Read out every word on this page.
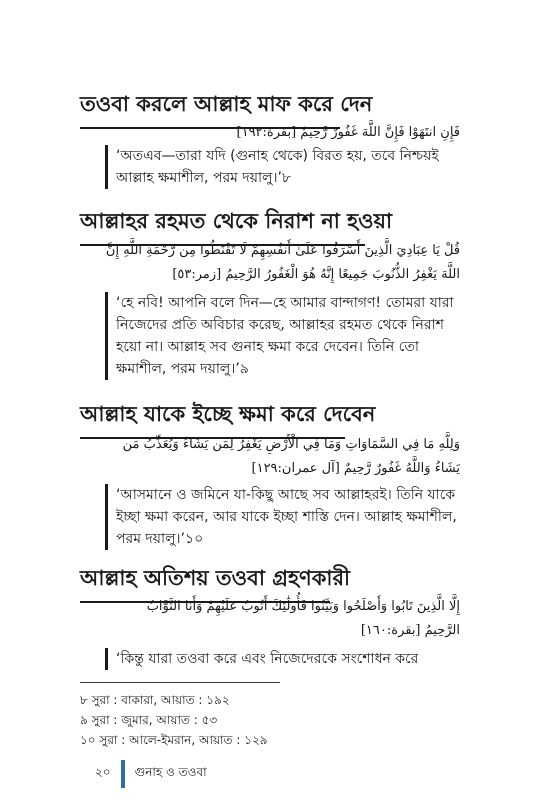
তওবা করলে আল্লাহ মাফ করে দেন
فَإِنِ انتَهَوْا فَإِنَّ اللَّهَ غَفُورٌ رَّحِيمٌ [بقرة:١٩٢]

‘অতএব—তারা যদি (গুনাহ থেকে) বিরত হয়, তবে নিশ্চয়ই আল্লাহ ক্ষমাশীল, পরম দয়ালু।’৮

আল্লাহর রহমত থেকে নিরাশ না হওয়া
قُلْ يَا عِبَادِيَ الَّذِينَ أَسْرَفُوا عَلَىٰ أَنفُسِهِمْ لَا تَقْنَطُوا مِن رَّحْمَةِ اللَّهِ إِنَّ
اللَّهَ يَغْفِرُ الذُّنُوبَ جَمِيعًا إِنَّهُ هُوَ الْغَفُورُ الرَّحِيمُ [زمر:٥٣]

‘হে নবি! আপনি বলে দিন—হে আমার বান্দাগণ! তোমরা যারা নিজেদের প্রতি অবিচার করেছ, আল্লাহর রহমত থেকে নিরাশ হয়ো না। আল্লাহ সব গুনাহ ক্ষমা করে দেবেন। তিনি তো ক্ষমাশীল, পরম দয়ালু।’৯

আল্লাহ যাকে ইচ্ছে ক্ষমা করে দেবেন
وَلِلَّهِ مَا فِي السَّمَاوَاتِ وَمَا فِي الْأَرْضِ يَغْفِرُ لِمَن يَشَاءُ وَيُعَذِّبُ مَن
يَشَاءُ وَاللَّهُ غَفُورٌ رَّحِيمٌ [آل عمران:١٢٩]

‘আসমানে ও জমিনে যা-কিছু আছে সব আল্লাহরই। তিনি যাকে ইচ্ছা ক্ষমা করেন, আর যাকে ইচ্ছা শাস্তি দেন। আল্লাহ ক্ষমাশীল, পরম দয়ালু।’১০

আল্লাহ অতিশয় তওবা গ্রহণকারী
إِلَّا الَّذِينَ تَابُوا وَأَصْلَحُوا وَبَيَّنُوا فَأُولَٰئِكَ أَتُوبُ عَلَيْهِمْ وَأَنَا التَّوَّابُ
الرَّحِيمُ [بقرة:١٦٠]

‘কিন্তু যারা তওবা করে এবং নিজেদেরকে সংশোধন করে

৮ সুরা : বাকারা, আয়াত : ১৯২
৯ সুরা : জুমার, আয়াত : ৫৩
১০ সুরা : আলে-ইমরান, আয়াত : ১২৯
২০ গুনাহ ও তওবা
